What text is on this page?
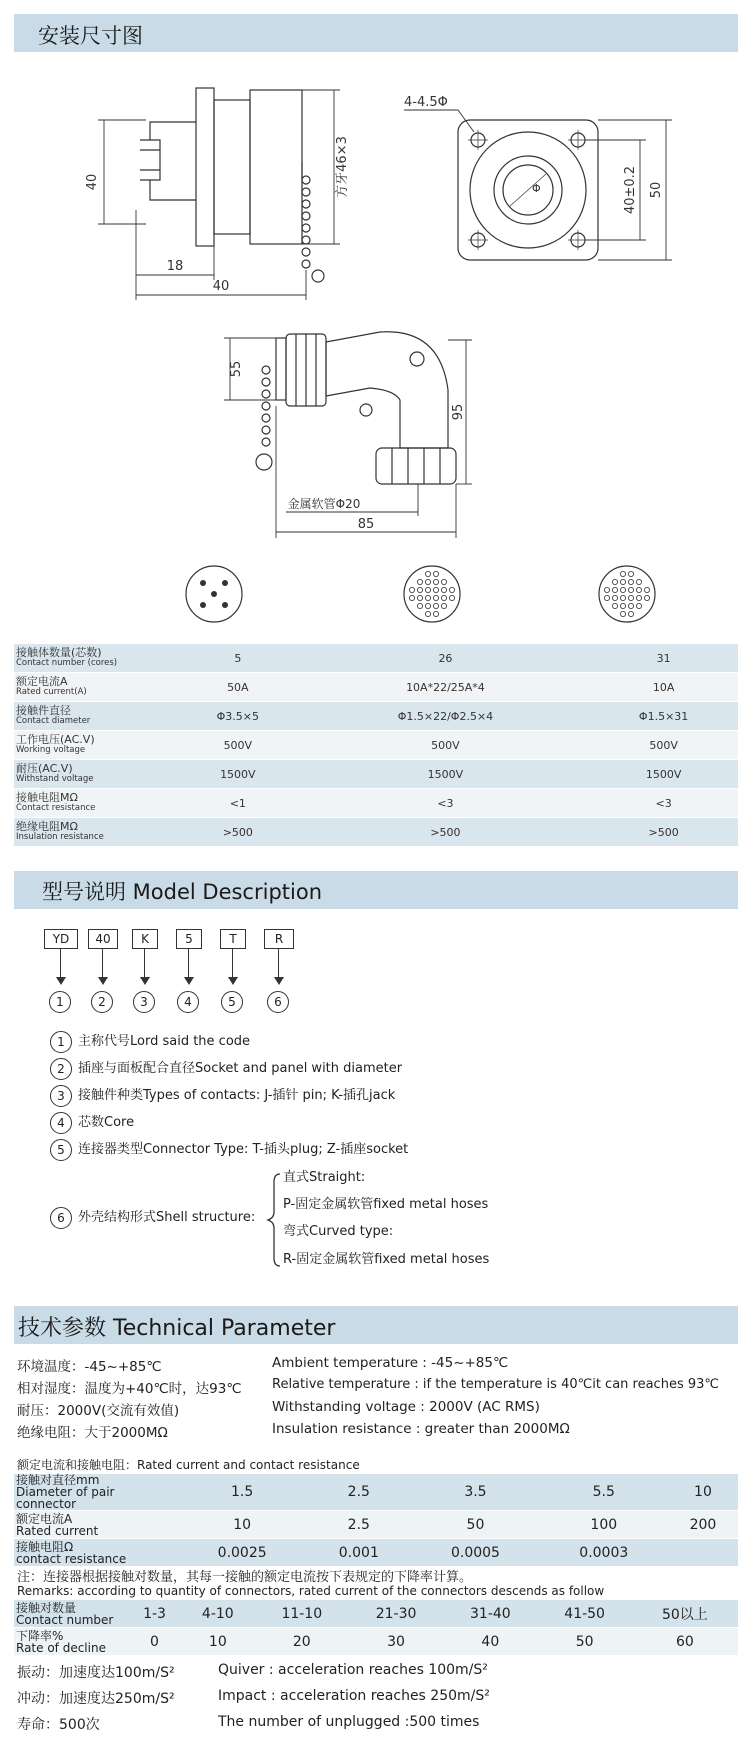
安装尺寸图
40
18
40
方牙46×3
4-4.5Φ
40±0.2 50
Φ
55
95
85
金属软管Φ20
接触体数量(芯数)
Contact number (cores)	5	26	31

额定电流A
Rated current(A)	50A	10A*22/25A*4	10A

接触件直径
Contact diameter	Φ3.5×5	Φ1.5×22/Φ2.5×4	Φ1.5×31

工作电压(AC.V)
Working voltage	500V	500V	500V

耐压(AC.V)
Withstand voltage	1500V	1500V	1500V

接触电阻MΩ
Contact resistance	<1	<3	<3

绝缘电阻MΩ
Insulation resistance	>500	>500	>500
型号说明 Model Description
YD
1
40
2
K
3
5
4
T
5
R
6
1 主称代号Lord said the code
2 插座与面板配合直径Socket and panel with diameter
3 接触件种类Types of contacts: J-插针 pin; K-插孔jack
4 芯数Core
5 连接器类型Connector Type: T-插头plug; Z-插座socket
6 外壳结构形式Shell structure:
直式Straight:
P-固定金属软管fixed metal hoses
弯式Curved type:
R-固定金属软管fixed metal hoses
技术参数 Technical Parameter
环境温度：-45~+85℃
相对湿度：温度为+40℃时，达93℃
耐压：2000V(交流有效值)
绝缘电阻：大于2000MΩ
Ambient temperature : -45~+85℃
Relative temperature : if the temperature is 40℃it can reaches 93℃
Withstanding voltage : 2000V (AC RMS)
Insulation resistance : greater than 2000MΩ
额定电流和接触电阻：Rated current and contact resistance
接触对直径mm
Diameter of pair connector	1.5	2.5	3.5	5.5	10

额定电流A
Rated current	10	2.5	50	100	200

接触电阻Ω
contact resistance	0.0025	0.001	0.0005	0.0003	
注：连接器根据接触对数量，其每一接触的额定电流按下表规定的下降率计算。
Remarks: according to quantity of connectors, rated current of the connectors descends as follow
接触对数量
Contact number	1-3	4-10	11-10	21-30	31-40	41-50	50以上

下降率%
Rate of decline	0	10	20	30	40	50	60
振动：加速度达100m/S²
冲动：加速度达250m/S²
寿命：500次
Quiver : acceleration reaches 100m/S²
Impact : acceleration reaches 250m/S²
The number of unplugged :500 times
